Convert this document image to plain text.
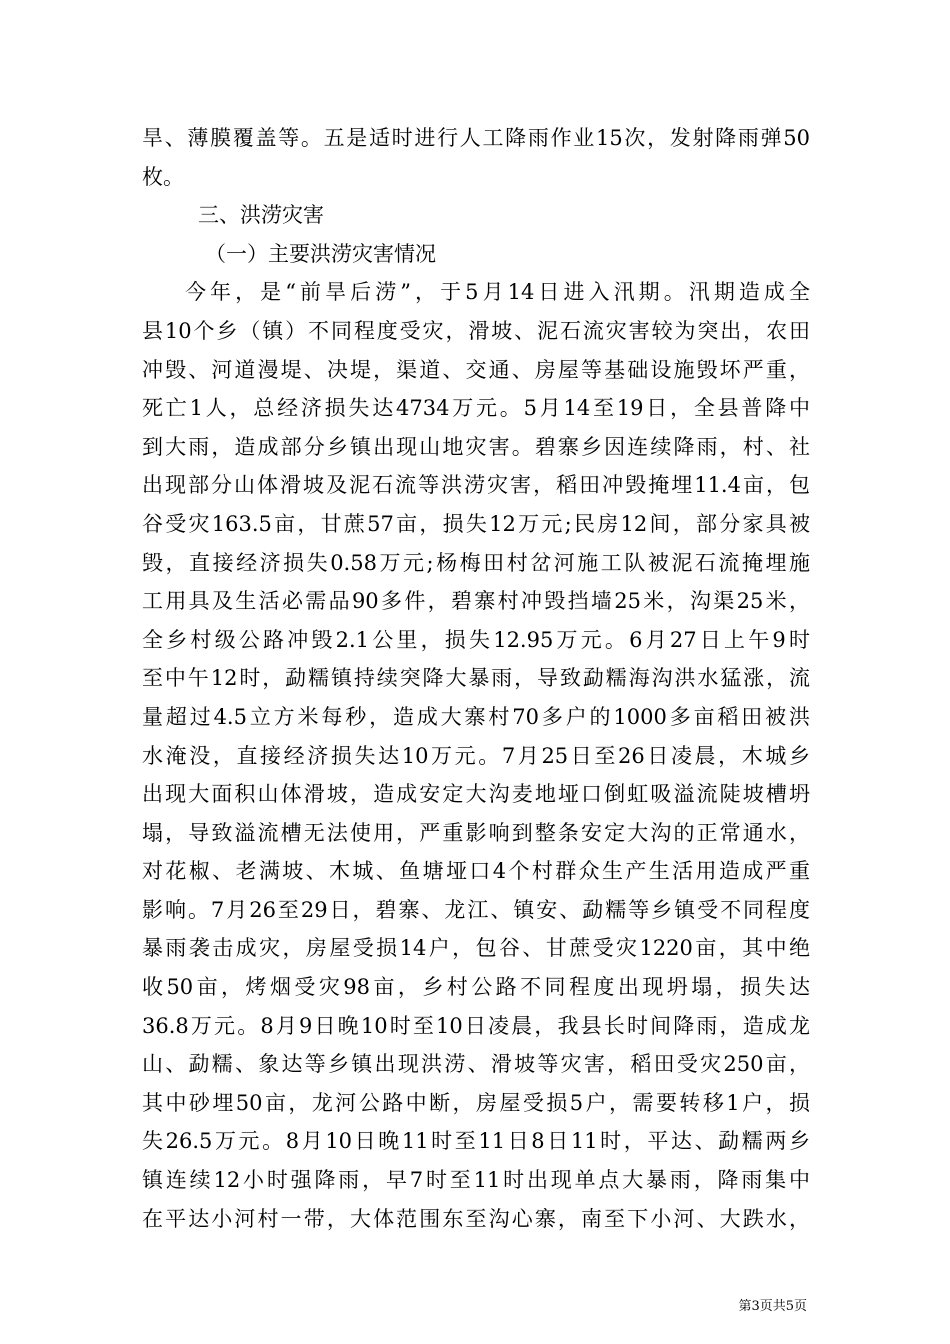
旱、薄膜覆盖等。五是适时进行人工降雨作业15次，发射降雨弹50
枚。
三、洪涝灾害
（一）主要洪涝灾害情况
今年，是“前旱后涝”，于5月14日进入汛期。汛期造成全
县10个乡（镇）不同程度受灾，滑坡、泥石流灾害较为突出，农田
冲毁、河道漫堤、决堤，渠道、交通、房屋等基础设施毁坏严重，
死亡1人，总经济损失达4734万元。5月14至19日，全县普降中
到大雨，造成部分乡镇出现山地灾害。碧寨乡因连续降雨，村、社
出现部分山体滑坡及泥石流等洪涝灾害，稻田冲毁掩埋11.4亩，包
谷受灾163.5亩，甘蔗57亩，损失12万元;民房12间，部分家具被
毁，直接经济损失0.58万元;杨梅田村岔河施工队被泥石流掩埋施
工用具及生活必需品90多件，碧寨村冲毁挡墙25米，沟渠25米，
全乡村级公路冲毁2.1公里，损失12.95万元。6月27日上午9时
至中午12时，勐糯镇持续突降大暴雨，导致勐糯海沟洪水猛涨，流
量超过4.5立方米每秒，造成大寨村70多户的1000多亩稻田被洪
水淹没，直接经济损失达10万元。7月25日至26日凌晨，木城乡
出现大面积山体滑坡，造成安定大沟麦地垭口倒虹吸溢流陡坡槽坍
塌，导致溢流槽无法使用，严重影响到整条安定大沟的正常通水，
对花椒、老满坡、木城、鱼塘垭口4个村群众生产生活用造成严重
影响。7月26至29日，碧寨、龙江、镇安、勐糯等乡镇受不同程度
暴雨袭击成灾，房屋受损14户，包谷、甘蔗受灾1220亩，其中绝
收50亩，烤烟受灾98亩，乡村公路不同程度出现坍塌，损失达
36.8万元。8月9日晚10时至10日凌晨，我县长时间降雨，造成龙
山、勐糯、象达等乡镇出现洪涝、滑坡等灾害，稻田受灾250亩，
其中砂埋50亩，龙河公路中断，房屋受损5户，需要转移1户，损
失26.5万元。8月10日晚11时至11日8日11时，平达、勐糯两乡
镇连续12小时强降雨，早7时至11时出现单点大暴雨，降雨集中
在平达小河村一带，大体范围东至沟心寨，南至下小河、大跌水，
第3页共5页
